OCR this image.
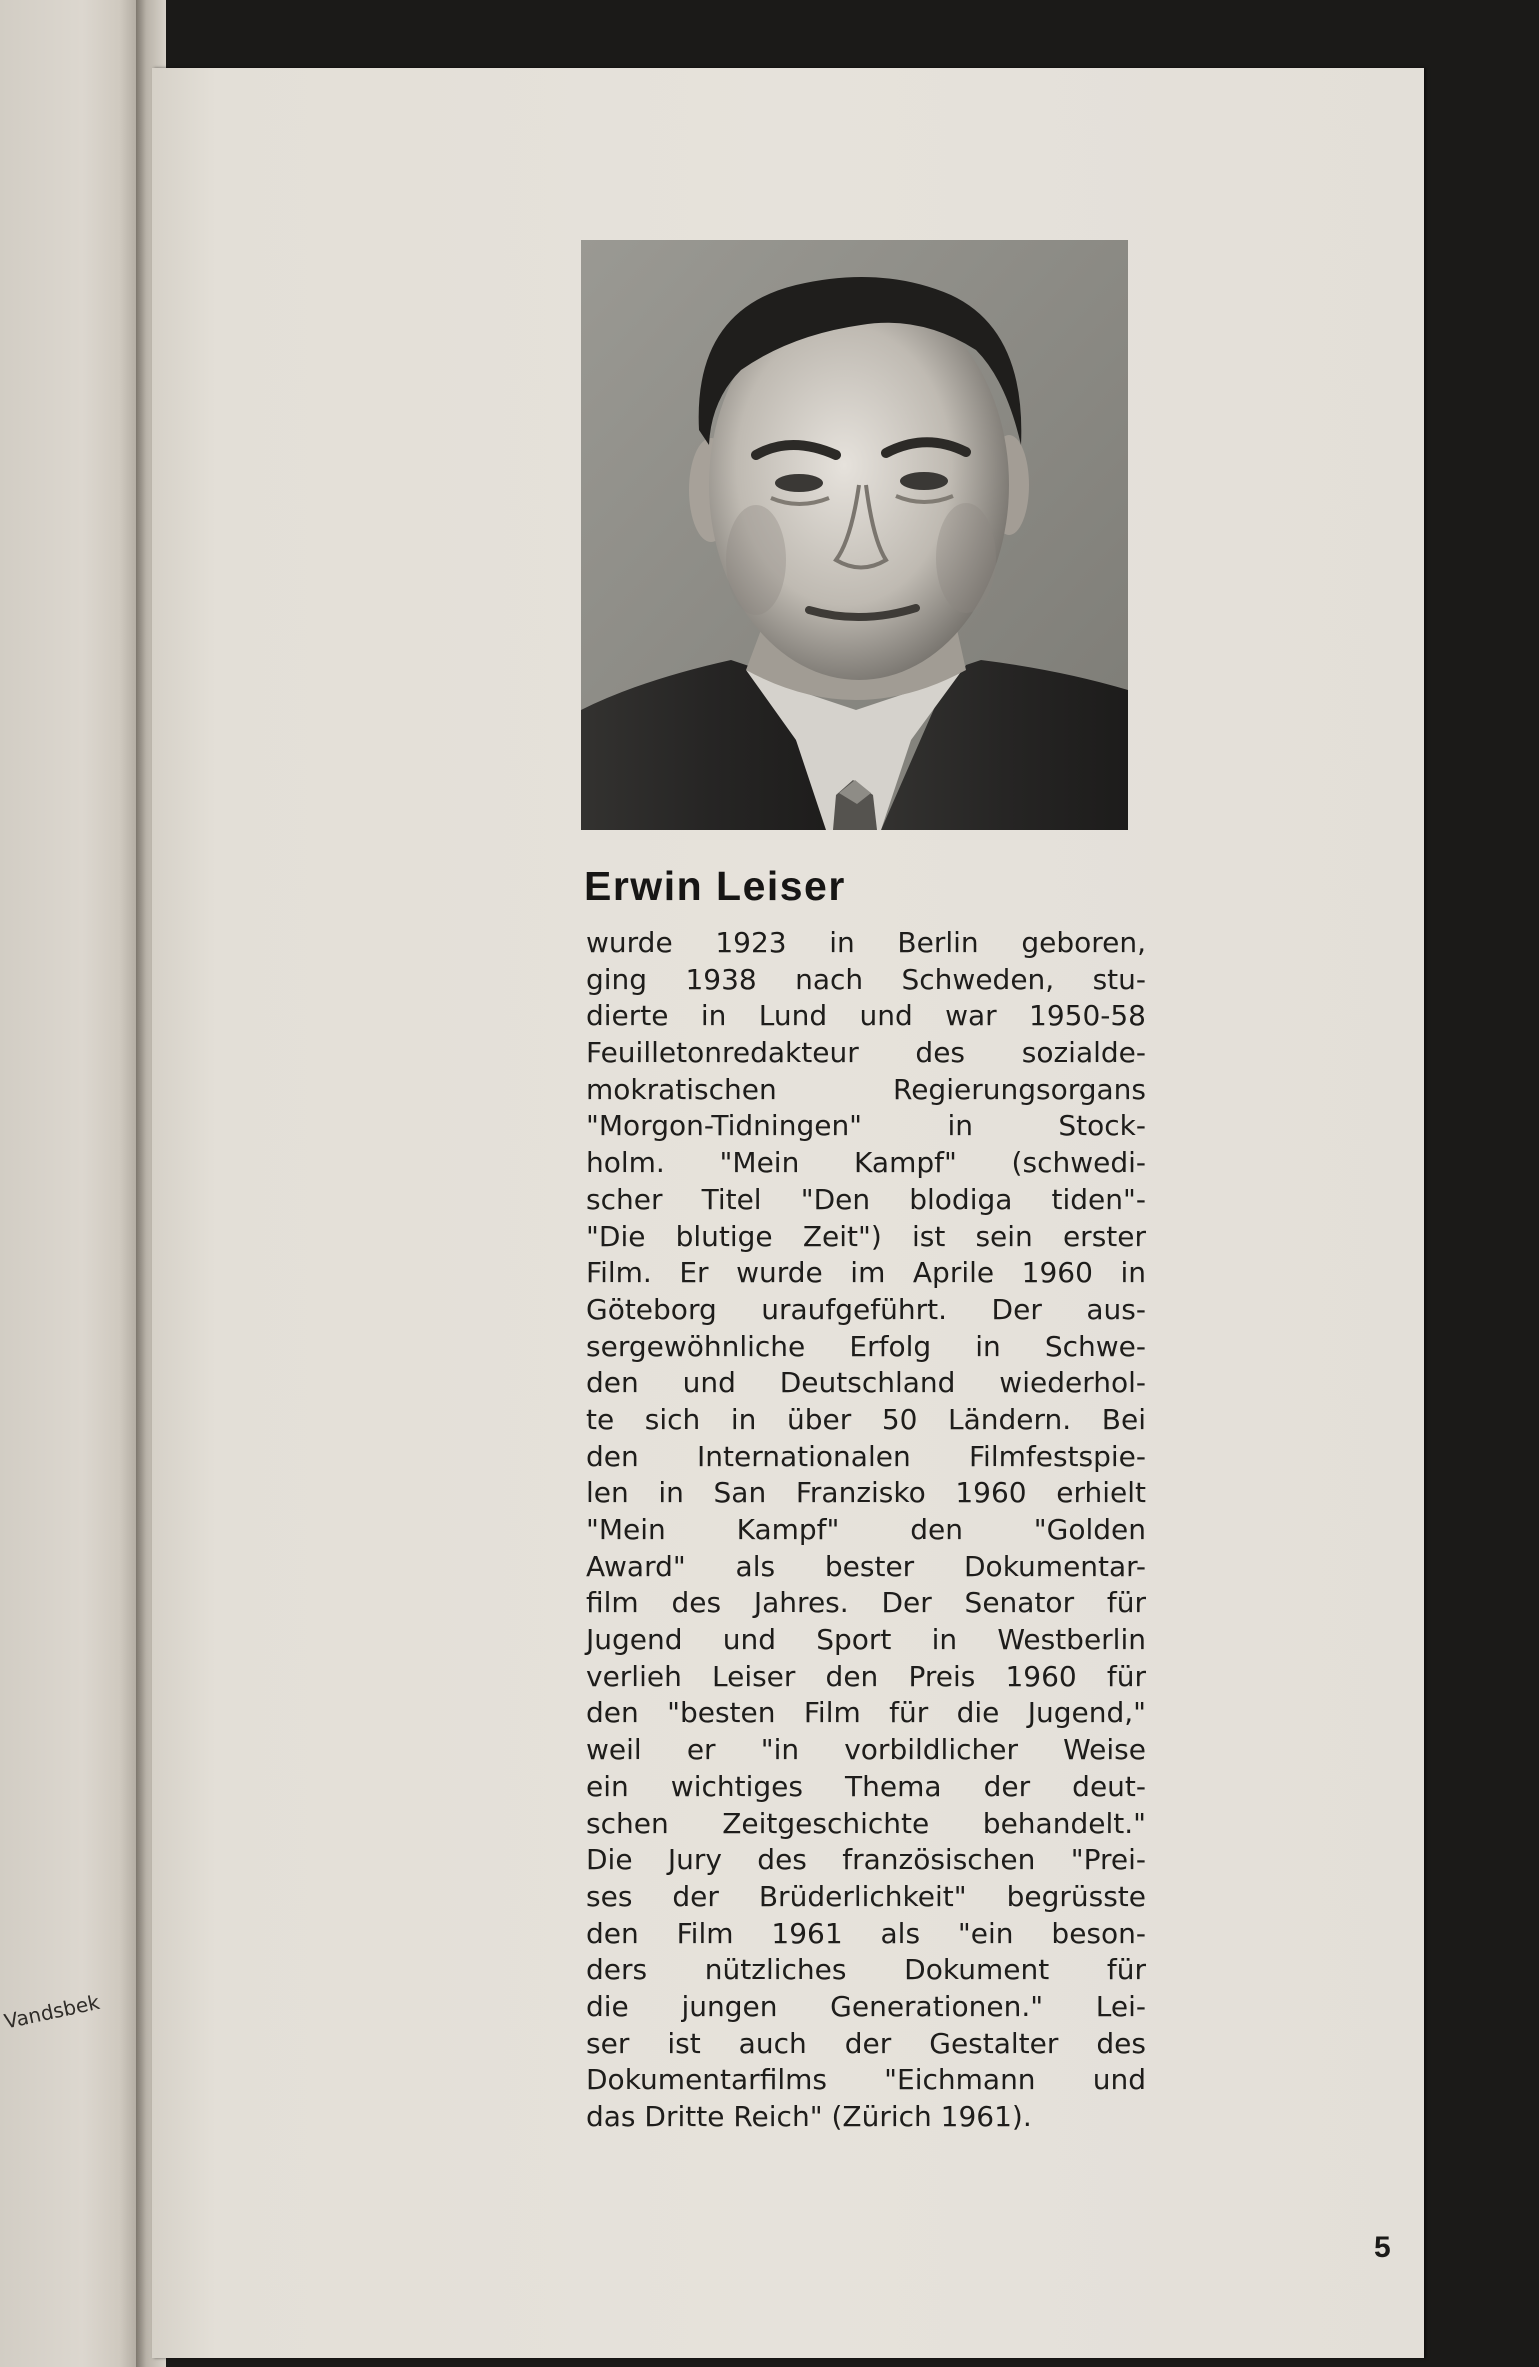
Vandsbek
Erwin Leiser
wurde 1923 in Berlin geboren,
ging 1938 nach Schweden, stu-
dierte in Lund und war 1950-58
Feuilletonredakteur des sozialde-
mokratischen Regierungsorgans
"Morgon-Tidningen" in Stock-
holm. "Mein Kampf" (schwedi-
scher Titel "Den blodiga tiden"-
"Die blutige Zeit") ist sein erster
Film. Er wurde im Aprile 1960 in
Göteborg uraufgeführt. Der aus-
sergewöhnliche Erfolg in Schwe-
den und Deutschland wiederhol-
te sich in über 50 Ländern. Bei
den Internationalen Filmfestspie-
len in San Franzisko 1960 erhielt
"Mein Kampf" den "Golden
Award" als bester Dokumentar-
film des Jahres. Der Senator für
Jugend und Sport in Westberlin
verlieh Leiser den Preis 1960 für
den "besten Film für die Jugend,"
weil er "in vorbildlicher Weise
ein wichtiges Thema der deut-
schen Zeitgeschichte behandelt."
Die Jury des französischen "Prei-
ses der Brüderlichkeit" begrüsste
den Film 1961 als "ein beson-
ders nützliches Dokument für
die jungen Generationen." Lei-
ser ist auch der Gestalter des
Dokumentarfilms "Eichmann und
das Dritte Reich" (Zürich 1961).
5
